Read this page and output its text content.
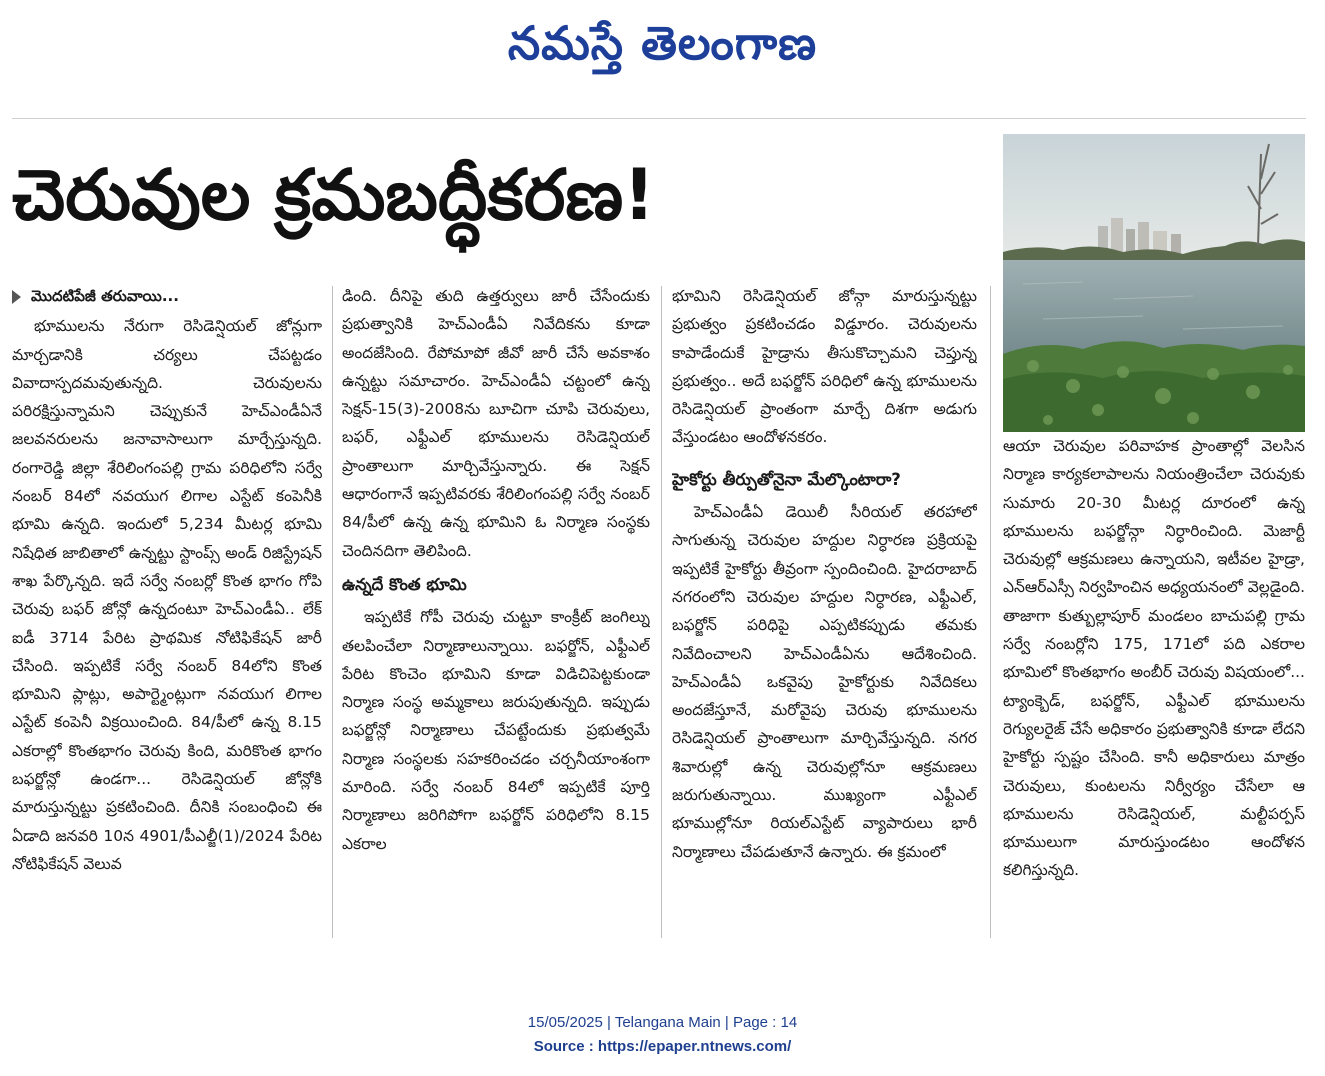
నమస్తే తెలంగాణ
చెరువుల క్రమబద్ధీకరణ!
మొదటిపేజీ తరువాయి...

భూములను నేరుగా రెసిడెన్షియల్ జోన్లుగా మార్చడానికి చర్యలు చేపట్టడం వివాదాస్పదమవుతున్నది. చెరువులను పరిరక్షిస్తున్నామని చెప్పుకునే హెచ్ఎండీఏనే జలవనరులను జనావాసాలుగా మార్చేస్తున్నది. రంగారెడ్డి జిల్లా శేరిలింగంపల్లి గ్రామ పరిధిలోని సర్వే నంబర్ 84లో నవయుగ లిగాల ఎస్టేట్ కంపెనీకి భూమి ఉన్నది. ఇందులో 5,234 మీటర్ల భూమి నిషేధిత జాబితాలో ఉన్నట్టు స్టాంప్స్ అండ్ రిజిస్ట్రేషన్ శాఖ పేర్కొన్నది. ఇదే సర్వే నంబర్లో కొంత భాగం గోపి చెరువు బఫర్ జోన్లో ఉన్నదంటూ హెచ్ఎండీఏ.. లేక్ ఐడీ 3714 పేరిట ప్రాథమిక నోటిఫికేషన్ జారీ చేసింది. ఇప్పటికే సర్వే నంబర్ 84లోని కొంత భూమిని ప్లాట్లు, అపార్ట్మెంట్లుగా నవయుగ లిగాల ఎస్టేట్ కంపెనీ విక్రయించింది. 84/పీలో ఉన్న 8.15 ఎకరాల్లో కొంతభాగం చెరువు కింది, మరికొంత భాగం బఫర్జోన్లో ఉండగా... రెసిడెన్షియల్ జోన్లోకి మారుస్తున్నట్టు ప్రకటించింది. దీనికి సంబంధించి ఈ ఏడాది జనవరి 10న 4901/పీఎల్జీ(1)/2024 పేరిట నోటిఫికేషన్ వెలువ

డింది. దీనిపై తుది ఉత్తర్వులు జారీ చేసేందుకు ప్రభుత్వానికి హెచ్ఎండీఏ నివేదికను కూడా అందజేసింది. రేపోమాపో జీవో జారీ చేసే అవకాశం ఉన్నట్టు సమాచారం. హెచ్ఎండీఏ చట్టంలో ఉన్న సెక్షన్-15(3)-2008ను బూచిగా చూపి చెరువులు, బఫర్, ఎఫ్టీఎల్ భూములను రెసిడెన్షియల్ ప్రాంతాలుగా మార్చివేస్తున్నారు. ఈ సెక్షన్ ఆధారంగానే ఇప్పటివరకు శేరిలింగంపల్లి సర్వే నంబర్ 84/పీలో ఉన్న ఉన్న భూమిని ఓ నిర్మాణ సంస్థకు చెందినదిగా తెలిపింది.

ఉన్నదే కొంత భూమి

ఇప్పటికే గోపీ చెరువు చుట్టూ కాంక్రీట్ జంగిల్ను తలపించేలా నిర్మాణాలున్నాయి. బఫర్జోన్, ఎఫ్టీఎల్ పేరిట కొంచెం భూమిని కూడా విడిచిపెట్టకుండా నిర్మాణ సంస్థ అమ్మకాలు జరుపుతున్నది. ఇప్పుడు బఫర్జోన్లో నిర్మాణాలు చేపట్టేందుకు ప్రభుత్వమే నిర్మాణ సంస్థలకు సహకరించడం చర్చనీయాంశంగా మారింది. సర్వే నంబర్ 84లో ఇప్పటికే పూర్తి నిర్మాణాలు జరిగిపోగా బఫర్జోన్ పరిధిలోని 8.15 ఎకరాల

భూమిని రెసిడెన్షియల్ జోన్గా మారుస్తున్నట్టు ప్రభుత్వం ప్రకటించడం విడ్డూరం. చెరువులను కాపాడేందుకే హైడ్రాను తీసుకొచ్చామని చెప్తున్న ప్రభుత్వం.. అదే బఫర్జోన్ పరిధిలో ఉన్న భూములను రెసిడెన్షియల్ ప్రాంతంగా మార్చే దిశగా అడుగు వేస్తుండటం ఆందోళనకరం.

హైకోర్టు తీర్పుతోనైనా మేల్కొంటారా?

హెచ్ఎండీఏ డెయిలీ సీరియల్ తరహాలో సాగుతున్న చెరువుల హద్దుల నిర్ధారణ ప్రక్రియపై ఇప్పటికే హైకోర్టు తీవ్రంగా స్పందించింది. హైదరాబాద్ నగరంలోని చెరువుల హద్దుల నిర్ధారణ, ఎఫ్టీఎల్, బఫర్జోన్ పరిధిపై ఎప్పటికప్పుడు తమకు నివేదించాలని హెచ్ఎండీఏను ఆదేశించింది. హెచ్ఎండీఏ ఒకవైపు హైకోర్టుకు నివేదికలు అందజేస్తూనే, మరోవైపు చెరువు భూములను రెసిడెన్షియల్ ప్రాంతాలుగా మార్చివేస్తున్నది. నగర శివారుల్లో ఉన్న చెరువుల్లోనూ ఆక్రమణలు జరుగుతున్నాయి. ముఖ్యంగా ఎఫ్టీఎల్ భూముల్లోనూ రియల్ఎస్టేట్ వ్యాపారులు భారీ నిర్మాణాలు చేపడుతూనే ఉన్నారు. ఈ క్రమంలో

ఆయా చెరువుల పరివాహక ప్రాంతాల్లో వెలసిన నిర్మాణ కార్యకలాపాలను నియంత్రించేలా చెరువుకు సుమారు 20-30 మీటర్ల దూరంలో ఉన్న భూములను బఫర్జోన్గా నిర్ధారించింది. మెజార్టీ చెరువుల్లో ఆక్రమణలు ఉన్నాయని, ఇటీవల హైడ్రా, ఎన్ఆర్ఎస్సీ నిర్వహించిన అధ్యయనంలో వెల్లడైంది. తాజాగా కుత్బుల్లాపూర్ మండలం బాచుపల్లి గ్రామ సర్వే నంబర్లోని 175, 171లో పది ఎకరాల భూమిలో కొంతభాగం అంబీర్ చెరువు విషయంలో... ట్యాంక్బెడ్, బఫర్జోన్, ఎఫ్టీఎల్ భూములను రెగ్యులరైజ్ చేసే అధికారం ప్రభుత్వానికి కూడా లేదని హైకోర్టు స్పష్టం చేసింది. కానీ అధికారులు మాత్రం చెరువులు, కుంటలను నిర్వీర్యం చేసేలా ఆ భూములను రెసిడెన్షియల్, మల్టీపర్పస్ భూములుగా మారుస్తుండటం ఆందోళన కలిగిస్తున్నది.

15/05/2025 | Telangana Main | Page : 14
Source : https://epaper.ntnews.com/
